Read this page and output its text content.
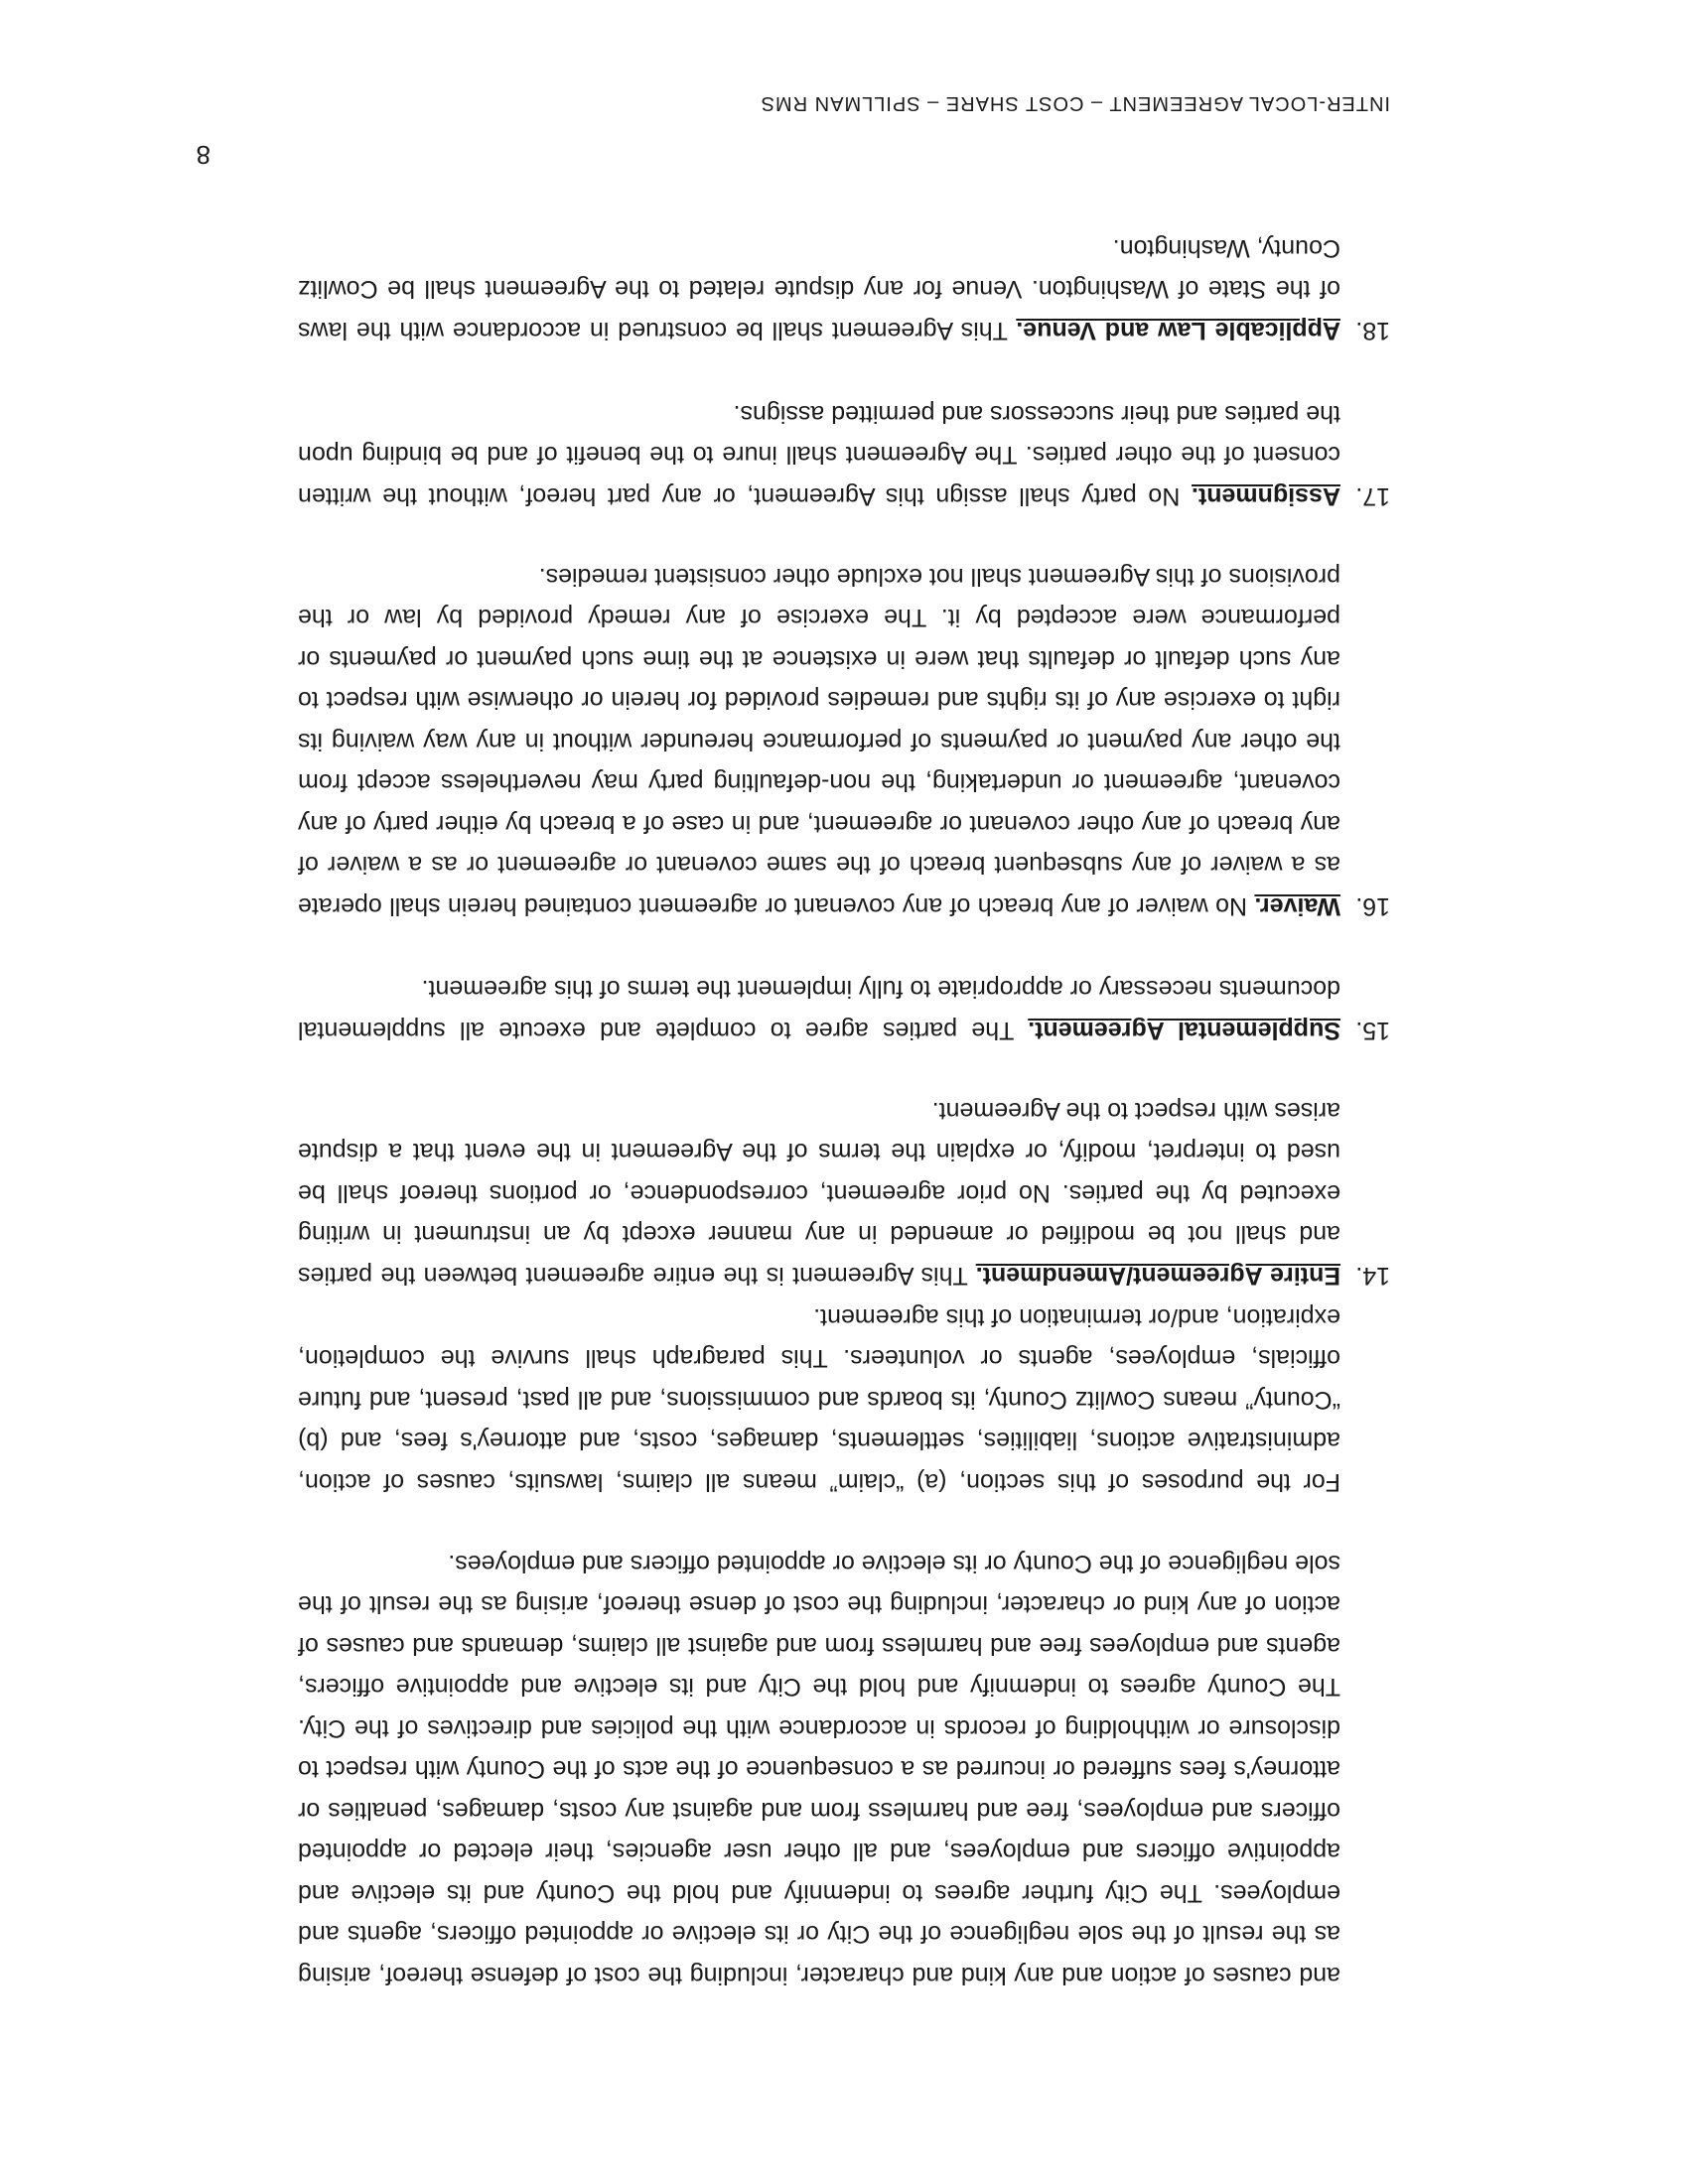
and causes of action and any kind and character, including the cost of defense thereof, arising as the result of the sole negligence of the City or its elective or appointed officers, agents and employees. The City further agrees to indemnify and hold the County and its elective and appointive officers and employees, and all other user agencies, their elected or appointed officers and employees, free and harmless from and against any costs, damages, penalties or attorney's fees suffered or incurred as a consequence of the acts of the County with respect to disclosure or withholding of records in accordance with the policies and directives of the City. The County agrees to indemnify and hold the City and its elective and appointive officers, agents and employees free and harmless from and against all claims, demands and causes of action of any kind or character, including the cost of dense thereof, arising as the result of the sole negligence of the County or its elective or appointed officers and employees.

For the purposes of this section, (a) “claim” means all claims, lawsuits, causes of action, administrative actions, liabilities, settlements, damages, costs, and attorney's fees, and (b) “County” means Cowlitz County, its boards and commissions, and all past, present, and future officials, employees, agents or volunteers. This paragraph shall survive the completion, expiration, and/or termination of this agreement.

14.

Entire Agreement/Amendment. This Agreement is the entire agreement between the parties and shall not be modified or amended in any manner except by an instrument in writing executed by the parties. No prior agreement, correspondence, or portions thereof shall be used to interpret, modify, or explain the terms of the Agreement in the event that a dispute arises with respect to the Agreement.

15.

Supplemental Agreement. The parties agree to complete and execute all supplemental documents necessary or appropriate to fully implement the terms of this agreement.

16.

Waiver. No waiver of any breach of any covenant or agreement contained herein shall operate as a waiver of any subsequent breach of the same covenant or agreement or as a waiver of any breach of any other covenant or agreement, and in case of a breach by either party of any covenant, agreement or undertaking, the non-defaulting party may nevertheless accept from the other any payment or payments of performance hereunder without in any way waiving its right to exercise any of its rights and remedies provided for herein or otherwise with respect to any such default or defaults that were in existence at the time such payment or payments or performance were accepted by it. The exercise of any remedy provided by law or the provisions of this Agreement shall not exclude other consistent remedies.

17.

Assignment. No party shall assign this Agreement, or any part hereof, without the written consent of the other parties. The Agreement shall inure to the benefit of and be binding upon the parties and their successors and permitted assigns.

18.

Applicable Law and Venue. This Agreement shall be construed in accordance with the laws of the State of Washington. Venue for any dispute related to the Agreement shall be Cowlitz County, Washington.

8
INTER-LOCAL AGREEMENT – COST SHARE – SPILLMAN RMS
